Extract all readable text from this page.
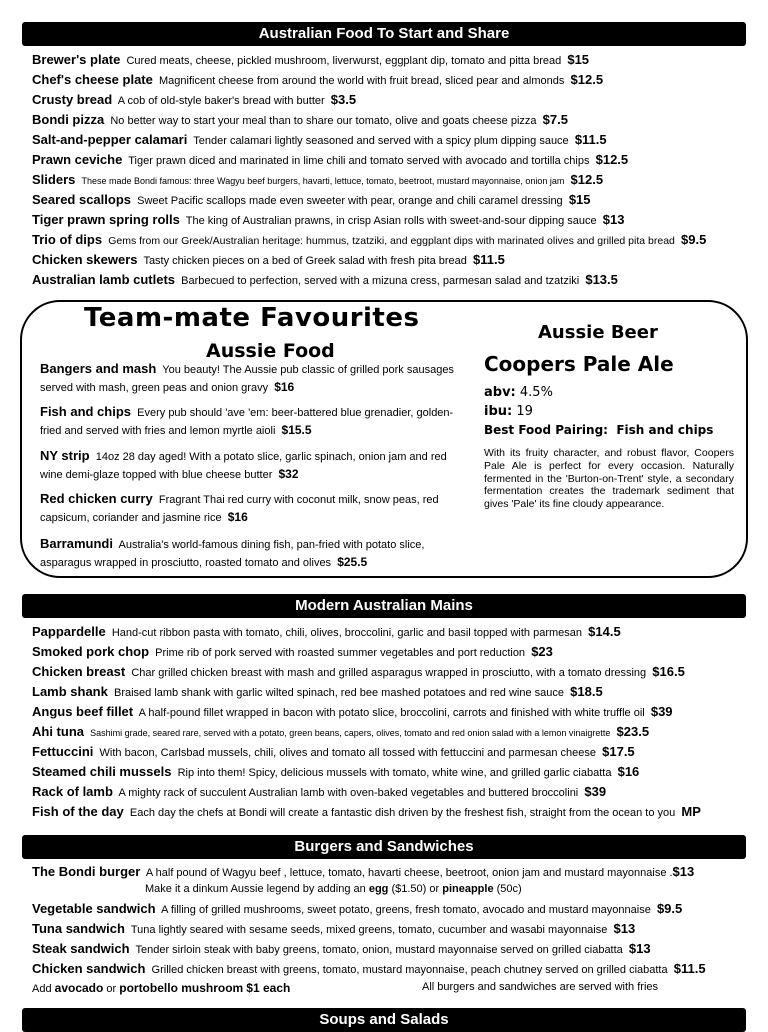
Australian Food To Start and Share
Brewer's plate Cured meats, cheese, pickled mushroom, liverwurst, eggplant dip, tomato and pitta bread $15
Chef's cheese plate Magnificent cheese from around the world with fruit bread, sliced pear and almonds $12.5
Crusty bread A cob of old-style baker's bread with butter $3.5
Bondi pizza No better way to start your meal than to share our tomato, olive and goats cheese pizza $7.5
Salt-and-pepper calamari Tender calamari lightly seasoned and served with a spicy plum dipping sauce $11.5
Prawn ceviche Tiger prawn diced and marinated in lime chili and tomato served with avocado and tortilla chips $12.5
Sliders These made Bondi famous: three Wagyu beef burgers, havarti, lettuce, tomato, beetroot, mustard mayonnaise, onion jam $12.5
Seared scallops Sweet Pacific scallops made even sweeter with pear, orange and chili caramel dressing $15
Tiger prawn spring rolls The king of Australian prawns, in crisp Asian rolls with sweet-and-sour dipping sauce $13
Trio of dips Gems from our Greek/Australian heritage: hummus, tzatziki, and eggplant dips with marinated olives and grilled pita bread $9.5
Chicken skewers Tasty chicken pieces on a bed of Greek salad with fresh pita bread $11.5
Australian lamb cutlets Barbecued to perfection, served with a mizuna cress, parmesan salad and tzatziki $13.5
Team-mate Favourites
Aussie Food
Bangers and mash You beauty! The Aussie pub classic of grilled pork sausages served with mash, green peas and onion gravy $16
Fish and chips Every pub should 'ave 'em: beer-battered blue grenadier, golden-fried and served with fries and lemon myrtle aioli $15.5
NY strip 14oz 28 day aged! With a potato slice, garlic spinach, onion jam and red wine demi-glaze topped with blue cheese butter $32
Red chicken curry Fragrant Thai red curry with coconut milk, snow peas, red capsicum, coriander and jasmine rice $16
Barramundi Australia's world-famous dining fish, pan-fried with potato slice, asparagus wrapped in prosciutto, roasted tomato and olives $25.5
Aussie Beer
Coopers Pale Ale
abv: 4.5%
ibu: 19
Best Food Pairing: Fish and chips
With its fruity character, and robust flavor, Coopers Pale Ale is perfect for every occasion. Naturally fermented in the 'Burton-on-Trent' style, a secondary fermentation creates the trademark sediment that gives 'Pale' its fine cloudy appearance.
Modern Australian Mains
Pappardelle Hand-cut ribbon pasta with tomato, chili, olives, broccolini, garlic and basil topped with parmesan $14.5
Smoked pork chop Prime rib of pork served with roasted summer vegetables and port reduction $23
Chicken breast Char grilled chicken breast with mash and grilled asparagus wrapped in prosciutto, with a tomato dressing $16.5
Lamb shank Braised lamb shank with garlic wilted spinach, red bee mashed potatoes and red wine sauce $18.5
Angus beef fillet A half-pound fillet wrapped in bacon with potato slice, broccolini, carrots and finished with white truffle oil $39
Ahi tuna Sashimi grade, seared rare, served with a potato, green beans, capers, olives, tomato and red onion salad with a lemon vinaigrette $23.5
Fettuccini With bacon, Carlsbad mussels, chili, olives and tomato all tossed with fettuccini and parmesan cheese $17.5
Steamed chili mussels Rip into them! Spicy, delicious mussels with tomato, white wine, and grilled garlic ciabatta $16
Rack of lamb A mighty rack of succulent Australian lamb with oven-baked vegetables and buttered broccolini $39
Fish of the day Each day the chefs at Bondi will create a fantastic dish driven by the freshest fish, straight from the ocean to you MP
Burgers and Sandwiches
The Bondi burger A half pound of Wagyu beef , lettuce, tomato, havarti cheese, beetroot, onion jam and mustard mayonnaise .$13
Make it a dinkum Aussie legend by adding an egg ($1.50) or pineapple (50c)
Vegetable sandwich A filling of grilled mushrooms, sweet potato, greens, fresh tomato, avocado and mustard mayonnaise $9.5
Tuna sandwich Tuna lightly seared with sesame seeds, mixed greens, tomato, cucumber and wasabi mayonnaise $13
Steak sandwich Tender sirloin steak with baby greens, tomato, onion, mustard mayonnaise served on grilled ciabatta $13
Chicken sandwich Grilled chicken breast with greens, tomato, mustard mayonnaise, peach chutney served on grilled ciabatta $11.5
Add avocado or portobello mushroom $1 each	All burgers and sandwiches are served with fries
Soups and Salads
